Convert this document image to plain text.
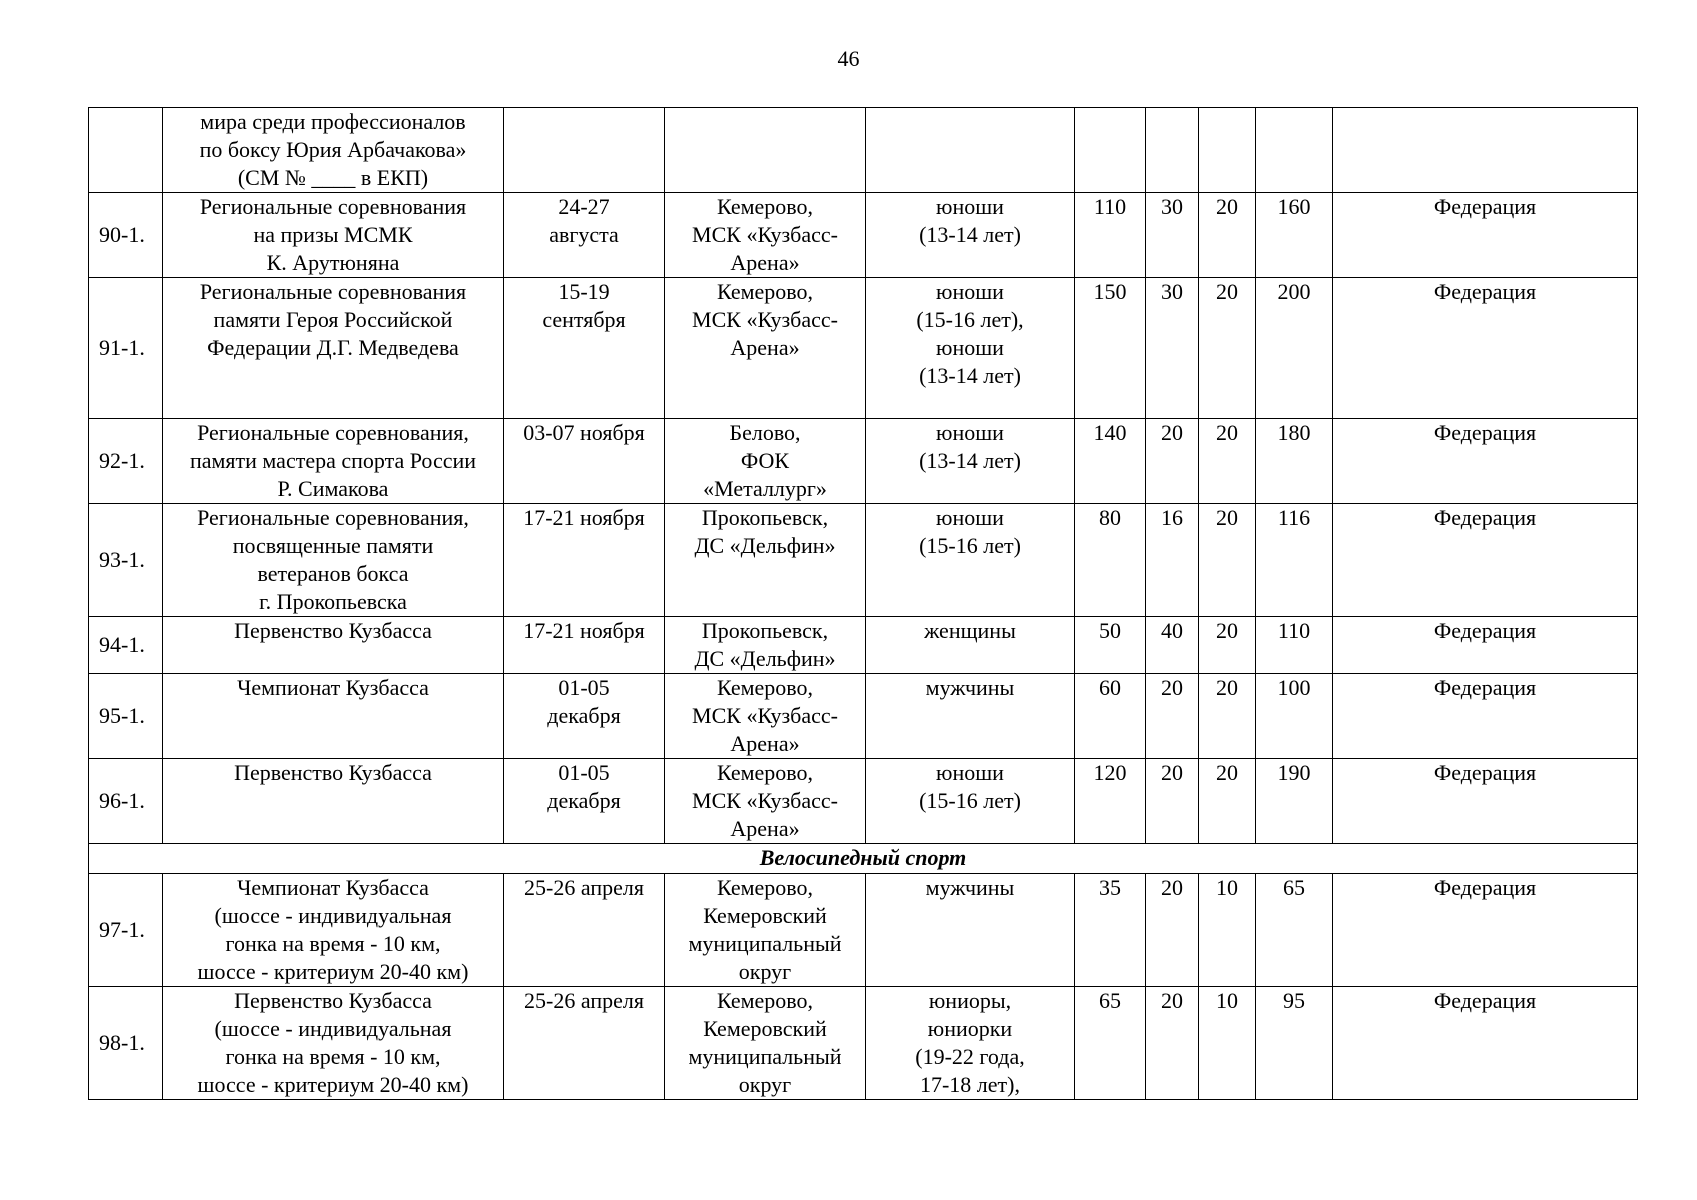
46

	мира среди профессионалов
по боксу Юрия Арбачакова»
(СМ № ____ в ЕКП)								

90-1.	Региональные соревнования
на призы МСМК
К. Арутюняна	24-27
августа	Кемерово,
МСК «Кузбасс-
Арена»	юноши
(13-14 лет)	110	30	20	160	Федерация
91-1.	Региональные соревнования
памяти Героя Российской
Федерации Д.Г. Медведева	15-19
сентября	Кемерово,
МСК «Кузбасс-
Арена»	юноши
(15-16 лет),
юноши
(13-14 лет)	150	30	20	200	Федерация
92-1.	Региональные соревнования,
памяти мастера спорта России
Р. Симакова	03-07 ноября	Белово,
ФОК
«Металлург»	юноши
(13-14 лет)	140	20	20	180	Федерация
93-1.	Региональные соревнования,
посвященные памяти
ветеранов бокса
г. Прокопьевска	17-21 ноября	Прокопьевск,
ДС «Дельфин»	юноши
(15-16 лет)	80	16	20	116	Федерация
94-1.	Первенство Кузбасса	17-21 ноября	Прокопьевск,
ДС «Дельфин»	женщины	50	40	20	110	Федерация
95-1.	Чемпионат Кузбасса	01-05
декабря	Кемерово,
МСК «Кузбасс-
Арена»	мужчины	60	20	20	100	Федерация
96-1.	Первенство Кузбасса	01-05
декабря	Кемерово,
МСК «Кузбасс-
Арена»	юноши
(15-16 лет)	120	20	20	190	Федерация
Велосипедный спорт									
97-1.	Чемпионат Кузбасса
(шоссе - индивидуальная
гонка на время - 10 км,
шоссе - критериум 20-40 км)	25-26 апреля	Кемерово,
Кемеровский
муниципальный
округ	мужчины	35	20	10	65	Федерация
98-1.	Первенство Кузбасса
(шоссе - индивидуальная
гонка на время - 10 км,
шоссе - критериум 20-40 км)	25-26 апреля	Кемерово,
Кемеровский
муниципальный
округ	юниоры,
юниорки
(19-22 года,
17-18 лет),	65	20	10	95	Федерация
